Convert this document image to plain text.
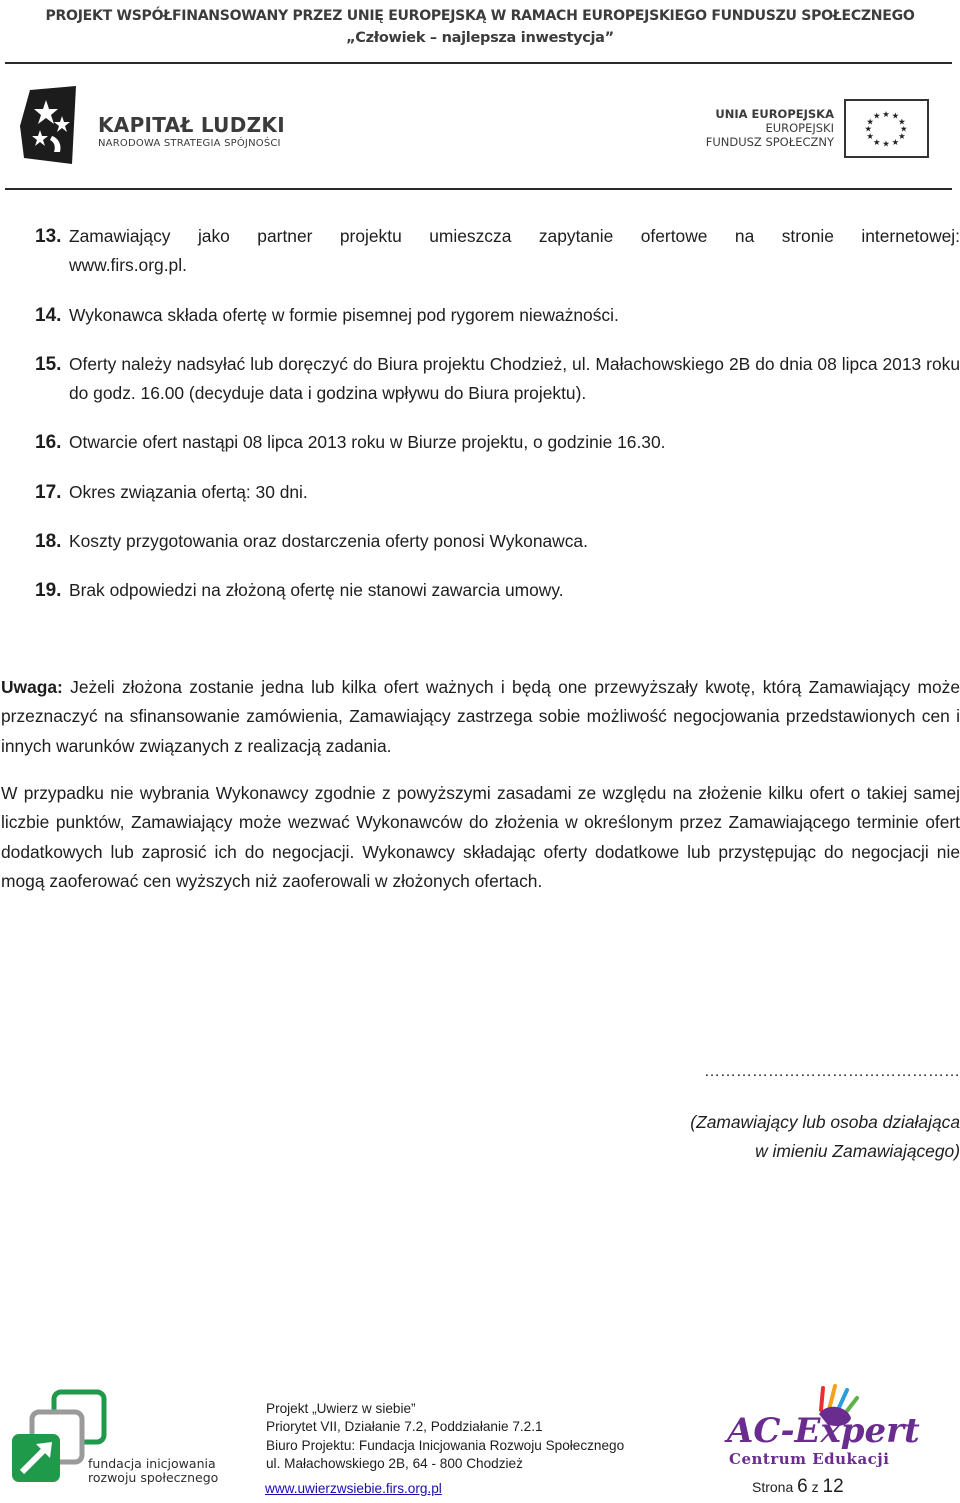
PROJEKT WSPÓŁFINANSOWANY PRZEZ UNIĘ EUROPEJSKĄ W RAMACH EUROPEJSKIEGO FUNDUSZU SPOŁECZNEGO
„Człowiek – najlepsza inwestycja”
KAPITAŁ LUDZKI
NARODOWA STRATEGIA SPÓJNOŚCI
UNIA EUROPEJSKA
EUROPEJSKI
FUNDUSZ SPOŁECZNY
★ ★
★
★
★
★
★
★
★
★
★
★
13. Zamawiający jako partner projektu umieszcza zapytanie ofertowe na stronie internetowej: www.firs.org.pl.
14. Wykonawca składa ofertę w formie pisemnej pod rygorem nieważności.
15. Oferty należy nadsyłać lub doręczyć do Biura projektu Chodzież, ul. Małachowskiego 2B do dnia 08 lipca 2013 roku do godz. 16.00 (decyduje data i godzina wpływu do Biura projektu).
16. Otwarcie ofert nastąpi 08 lipca 2013 roku w Biurze projektu, o godzinie 16.30.
17. Okres związania ofertą: 30 dni.
18. Koszty przygotowania oraz dostarczenia oferty ponosi Wykonawca.
19. Brak odpowiedzi na złożoną ofertę nie stanowi zawarcia umowy.
Uwaga: Jeżeli złożona zostanie jedna lub kilka ofert ważnych i będą one przewyższały kwotę, którą Zamawiający może przeznaczyć na sfinansowanie zamówienia, Zamawiający zastrzega sobie możliwość negocjowania przedstawionych cen i innych warunków związanych z realizacją zadania.
W przypadku nie wybrania Wykonawcy zgodnie z powyższymi zasadami ze względu na złożenie kilku ofert o takiej samej liczbie punktów, Zamawiający może wezwać Wykonawców do złożenia w określonym przez Zamawiającego terminie ofert dodatkowych lub zaprosić ich do negocjacji. Wykonawcy składając oferty dodatkowe lub przystępując do negocjacji nie mogą zaoferować cen wyższych niż zaoferowali w złożonych ofertach.
…………………………………………
(Zamawiający lub osoba działająca
w imieniu Zamawiającego)
fundacja inicjowania
rozwoju społecznego
Projekt „Uwierz w siebie”
Priorytet VII, Działanie 7.2, Poddziałanie 7.2.1
Biuro Projektu: Fundacja Inicjowania Rozwoju Społecznego
ul. Małachowskiego 2B, 64 - 800 Chodzież
www.uwierzwsiebie.firs.org.pl
AC-Expert
Centrum Edukacji
Strona 6 z 12
